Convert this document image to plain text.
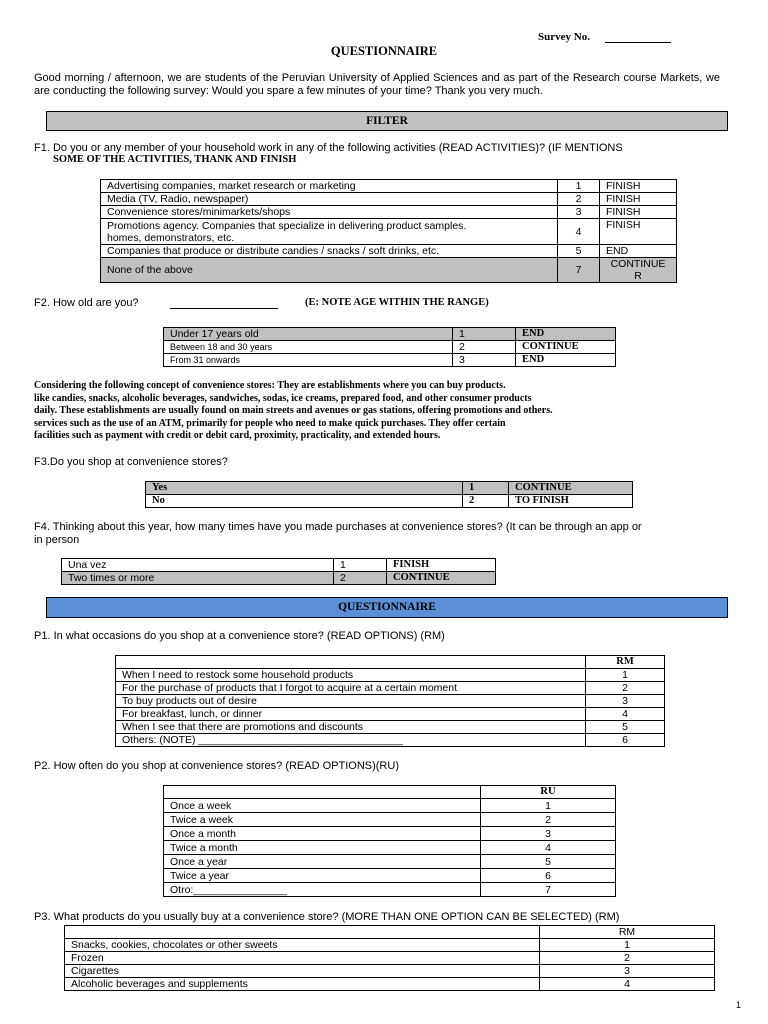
Survey No.
QUESTIONNAIRE
Good morning / afternoon, we are students of the Peruvian University of Applied Sciences and as part of the Research course Markets, we are conducting the following survey: Would you spare a few minutes of your time? Thank you very much.
FILTER
F1. Do you or any member of your household work in any of the following activities (READ ACTIVITIES)? (IF MENTIONS
SOME OF THE ACTIVITIES, THANK AND FINISH
Advertising companies, market research or marketing	1	FINISH
Media (TV, Radio, newspaper)	2	FINISH
Convenience stores/minimarkets/shops	3	FINISH

Promotions agency. Companies that specialize in delivering product samples.
homes, demonstrators, etc.	4	FINISH
Companies that produce or distribute candies / snacks / soft drinks, etc.	5	END
None of the above	7	CONTINUE
R
F2. How old are you?	(E: NOTE AGE WITHIN THE RANGE)
Under 17 years old	1	END
Between 18 and 30 years	2	CONTINUE
From 31 onwards	3	END
Considering the following concept of convenience stores: They are establishments where you can buy products.
like candies, snacks, alcoholic beverages, sandwiches, sodas, ice creams, prepared food, and other consumer products
daily. These establishments are usually found on main streets and avenues or gas stations, offering promotions and others.
services such as the use of an ATM, primarily for people who need to make quick purchases. They offer certain
facilities such as payment with credit or debit card, proximity, practicality, and extended hours.
F3.Do you shop at convenience stores?
Yes	1	CONTINUE
No	2	TO FINISH
F4. Thinking about this year, how many times have you made purchases at convenience stores? (It can be through an app or
in person
Una vez	1	FINISH
Two times or more	2	CONTINUE
QUESTIONNAIRE
P1. In what occasions do you shop at a convenience store? (READ OPTIONS) (RM)
	RM
When I need to restock some household products	1
For the purchase of products that I forgot to acquire at a certain moment	2
To buy products out of desire	3
For breakfast, lunch, or dinner	4
When I see that there are promotions and discounts	5
Others: (NOTE) ___________________________________	6
P2. How often do you shop at convenience stores? (READ OPTIONS)(RU)
	RU
Once a week	1
Twice a week	2
Once a month	3
Twice a month	4
Once a year	5
Twice a year	6
Otro:________________	7
P3. What products do you usually buy at a convenience store? (MORE THAN ONE OPTION CAN BE SELECTED) (RM)
	RM
Snacks, cookies, chocolates or other sweets	1
Frozen	2
Cigarettes	3
Alcoholic beverages and supplements	4
1
